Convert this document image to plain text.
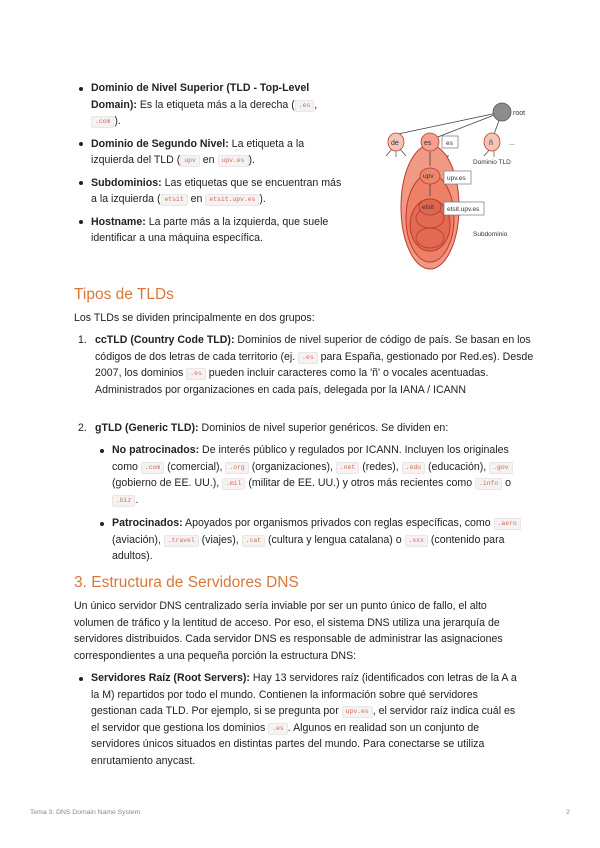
Dominio de Nivel Superior (TLD - Top-Level Domain): Es la etiqueta más a la derecha ( .es ,
.com ).
Dominio de Segundo Nivel: La etiqueta a la izquierda del TLD ( upv en upv.es ).
Subdominios: Las etiquetas que se encuentran más a la izquierda ( etsit en etsit.upv.es ).
Hostname: La parte más a la izquierda, que suele identificar a una máquina específica.
root
de	es	ñ ...
es
Dominio TLD
upv upv.es
etsit etsit.upv.es
Subdominio
Tipos de TLDs

Los TLDs se dividen principalmente en dos grupos:

1. ccTLD (Country Code TLD): Dominios de nivel superior de código de país. Se basan en los códigos de dos letras de cada territorio (ej. .es para España, gestionado por Red.es). Desde 2007, los dominios .es pueden incluir caracteres como la 'ñ' o vocales acentuadas. Administrados por organizaciones en cada país, delegada por la IANA / ICANN
2. gTLD (Generic TLD): Dominios de nivel superior genéricos. Se dividen en:
No patrocinados: De interés público y regulados por ICANN. Incluyen los originales como .com (comercial), .org (organizaciones), .net (redes), .edu (educación), .gov (gobierno de EE. UU.), .mil (militar de EE. UU.) y otros más recientes como .info o .biz .
Patrocinados: Apoyados por organismos privados con reglas específicas, como .aero (aviación), .travel (viajes), .cat (cultura y lengua catalana) o .xxx (contenido para adultos).
3. Estructura de Servidores DNS

Un único servidor DNS centralizado sería inviable por ser un punto único de fallo, el alto volumen de tráfico y la lentitud de acceso. Por eso, el sistema DNS utiliza una jerarquía de servidores distribuidos. Cada servidor DNS es responsable de administrar las asignaciones correspondientes a una pequeña porción la estructura DNS:

Servidores Raíz (Root Servers): Hay 13 servidores raíz (identificados con letras de la A a la M) repartidos por todo el mundo. Contienen la información sobre qué servidores gestionan cada TLD. Por ejemplo, si se pregunta por upv.es , el servidor raíz indica cuál es el servidor que gestiona los dominios .es . Algunos en realidad son un conjunto de servidores únicos situados en distintas partes del mundo. Para conectarse se utiliza enrutamiento anycast.
Tema 3: DNS Domain Name System	2
